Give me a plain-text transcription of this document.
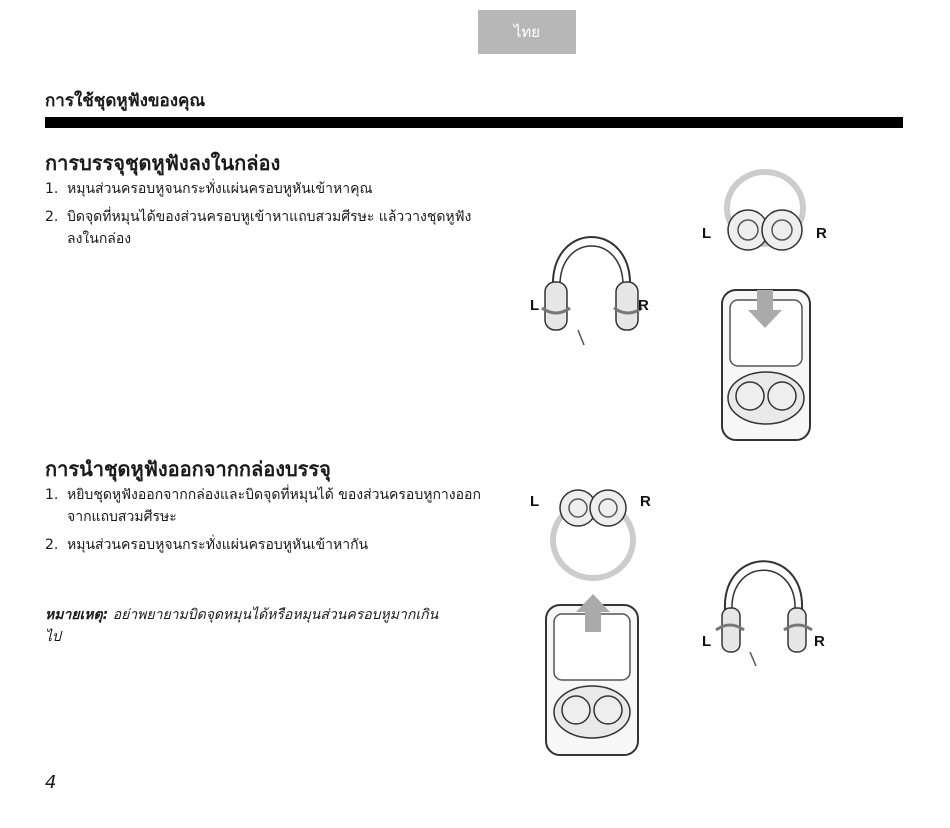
ไทย
การใช้ชุดหูฟังของคุณ
การบรรจุชุดหูฟังลงในกล่อง
1. หมุนส่วนครอบหูจนกระทั่งแผ่นครอบหูหันเข้าหาคุณ
2. บิดจุดที่หมุนได้ของส่วนครอบหูเข้าหาแถบสวมศีรษะ แล้ววางชุดหูฟังลงในกล่อง
การนำชุดหูฟังออกจากกล่องบรรจุ
1. หยิบชุดหูฟังออกจากกล่องและบิดจุดที่หมุนได้ ของส่วนครอบหูกางออกจากแถบสวมศีรษะ
2. หมุนส่วนครอบหูจนกระทั่งแผ่นครอบหูหันเข้าหากัน

หมายเหตุ: อย่าพยายามบิดจุดหมุนได้หรือหมุนส่วนครอบหูมากเกินไป

4
L	R
L	R
L	R
L	R
